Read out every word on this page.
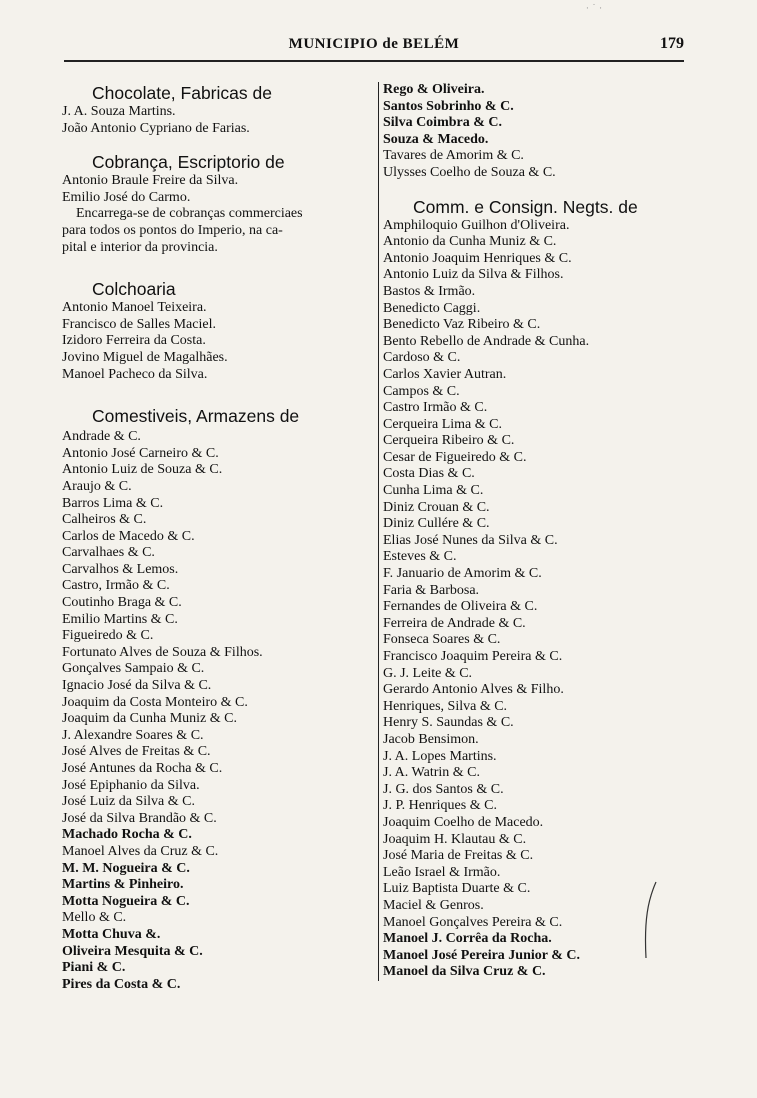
MUNICIPIO de BELÉM	179
Chocolate, Fabricas de
J. A. Souza Martins.
João Antonio Cypriano de Farias.
Cobrança, Escriptorio de
Antonio Braule Freire da Silva.
Emilio José do Carmo.
Encarrega-se de cobranças commerciaes
para todos os pontos do Imperio, na ca-
pital e interior da provincia.
Colchoaria
Antonio Manoel Teixeira.
Francisco de Salles Maciel.
Izidoro Ferreira da Costa.
Jovino Miguel de Magalhães.
Manoel Pacheco da Silva.
Comestiveis, Armazens de
Andrade & C.
Antonio José Carneiro & C.
Antonio Luiz de Souza & C.
Araujo & C.
Barros Lima & C.
Calheiros & C.
Carlos de Macedo & C.
Carvalhaes & C.
Carvalhos & Lemos.
Castro, Irmão & C.
Coutinho Braga & C.
Emilio Martins & C.
Figueiredo & C.
Fortunato Alves de Souza & Filhos.
Gonçalves Sampaio & C.
Ignacio José da Silva & C.
Joaquim da Costa Monteiro & C.
Joaquim da Cunha Muniz & C.
J. Alexandre Soares & C.
José Alves de Freitas & C.
José Antunes da Rocha & C.
José Epiphanio da Silva.
José Luiz da Silva & C.
José da Silva Brandão & C.
Machado Rocha & C.
Manoel Alves da Cruz & C.
M. M. Nogueira & C.
Martins & Pinheiro.
Motta Nogueira & C.
Mello & C.
Motta Chuva &.
Oliveira Mesquita & C.
Piani & C.
Pires da Costa & C.
Rego & Oliveira.
Santos Sobrinho & C.
Silva Coimbra & C.
Souza & Macedo.
Tavares de Amorim & C.
Ulysses Coelho de Souza & C.
Comm. e Consign. Negts. de
Amphiloquio Guilhon d'Oliveira.
Antonio da Cunha Muniz & C.
Antonio Joaquim Henriques & C.
Antonio Luiz da Silva & Filhos.
Bastos & Irmão.
Benedicto Caggi.
Benedicto Vaz Ribeiro & C.
Bento Rebello de Andrade & Cunha.
Cardoso & C.
Carlos Xavier Autran.
Campos & C.
Castro Irmão & C.
Cerqueira Lima & C.
Cerqueira Ribeiro & C.
Cesar de Figueiredo & C.
Costa Dias & C.
Cunha Lima & C.
Diniz Crouan & C.
Diniz Cullére & C.
Elias José Nunes da Silva & C.
Esteves & C.
F. Januario de Amorim & C.
Faria & Barbosa.
Fernandes de Oliveira & C.
Ferreira de Andrade & C.
Fonseca Soares & C.
Francisco Joaquim Pereira & C.
G. J. Leite & C.
Gerardo Antonio Alves & Filho.
Henriques, Silva & C.
Henry S. Saundas & C.
Jacob Bensimon.
J. A. Lopes Martins.
J. A. Watrin & C.
J. G. dos Santos & C.
J. P. Henriques & C.
Joaquim Coelho de Macedo.
Joaquim H. Klautau & C.
José Maria de Freitas & C.
Leão Israel & Irmão.
Luiz Baptista Duarte & C.
Maciel & Genros.
Manoel Gonçalves Pereira & C.
Manoel J. Corrêa da Rocha.
Manoel José Pereira Junior & C.
Manoel da Silva Cruz & C.
· ˙ ·
